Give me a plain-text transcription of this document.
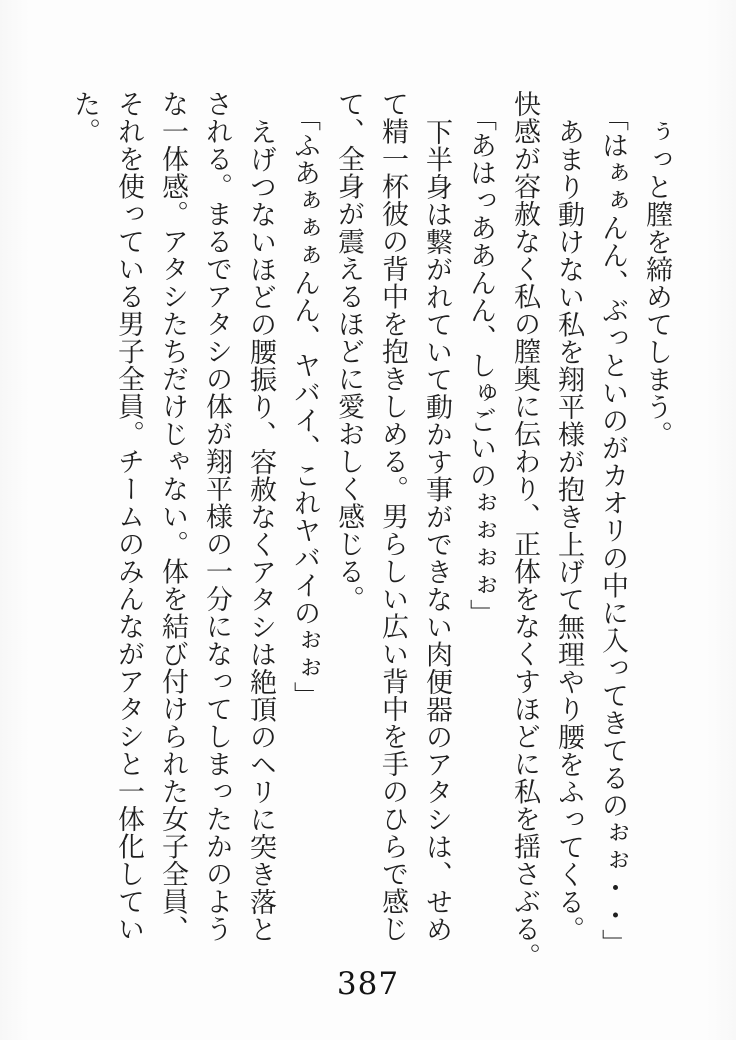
ぅっと膣を締めてしまう。
「はぁぁんん、ぶっといのがカオリの中に入ってきてるのぉぉ・・」
あまり動けない私を翔平様が抱き上げて無理やり腰をふってくる。
快感が容赦なく私の膣奥に伝わり、正体をなくすほどに私を揺さぶる。
「あはっああんん、しゅごいのぉぉぉぉ」
下半身は繋がれていて動かす事ができない肉便器のアタシは、せめ
て精一杯彼の背中を抱きしめる。男らしい広い背中を手のひらで感じ
て、全身が震えるほどに愛おしく感じる。
「ふあぁぁぁんん、ヤバイ、これヤバイのぉぉ」
えげつないほどの腰振り、容赦なくアタシは絶頂のヘリに突き落と
される。まるでアタシの体が翔平様の一分になってしまったかのよう
な一体感。アタシたちだけじゃない。体を結び付けられた女子全員、
それを使っている男子全員。チームのみんながアタシと一体化してい
た。
387
